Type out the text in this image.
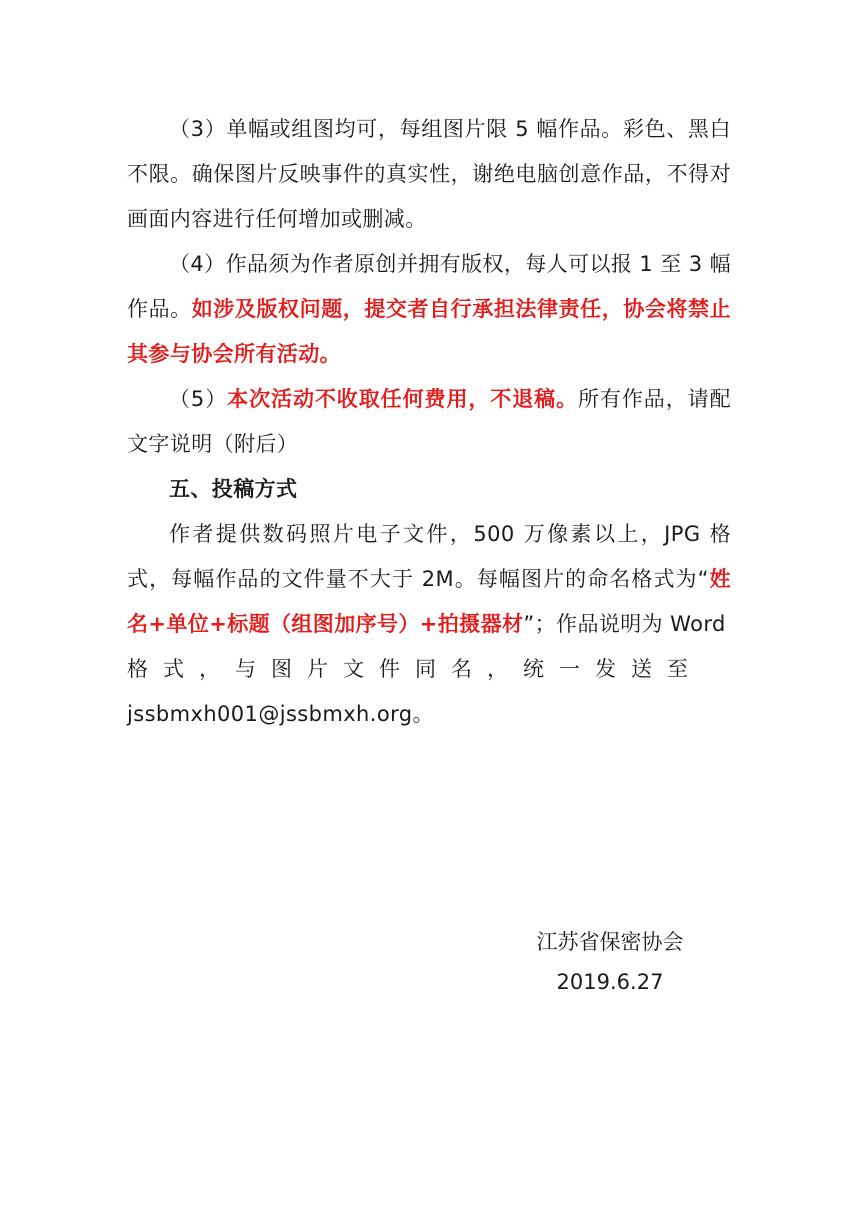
（3）单幅或组图均可，每组图片限 5 幅作品。彩色、黑白不限。确保图片反映事件的真实性，谢绝电脑创意作品，不得对画面内容进行任何增加或删减。

（4）作品须为作者原创并拥有版权，每人可以报 1 至 3 幅作品。如涉及版权问题，提交者自行承担法律责任，协会将禁止其参与协会所有活动。

（5）本次活动不收取任何费用，不退稿。所有作品，请配文字说明（附后）

五、投稿方式

作者提供数码照片电子文件，500 万像素以上，JPG 格式，每幅作品的文件量不大于 2M。每幅图片的命名格式为“姓名+单位+标题（组图加序号）+拍摄器材”；作品说明为 Word

格式，与图片文件同名，统一发送至

jssbmxh001@jssbmxh.org。

江苏省保密协会
2019.6.27
